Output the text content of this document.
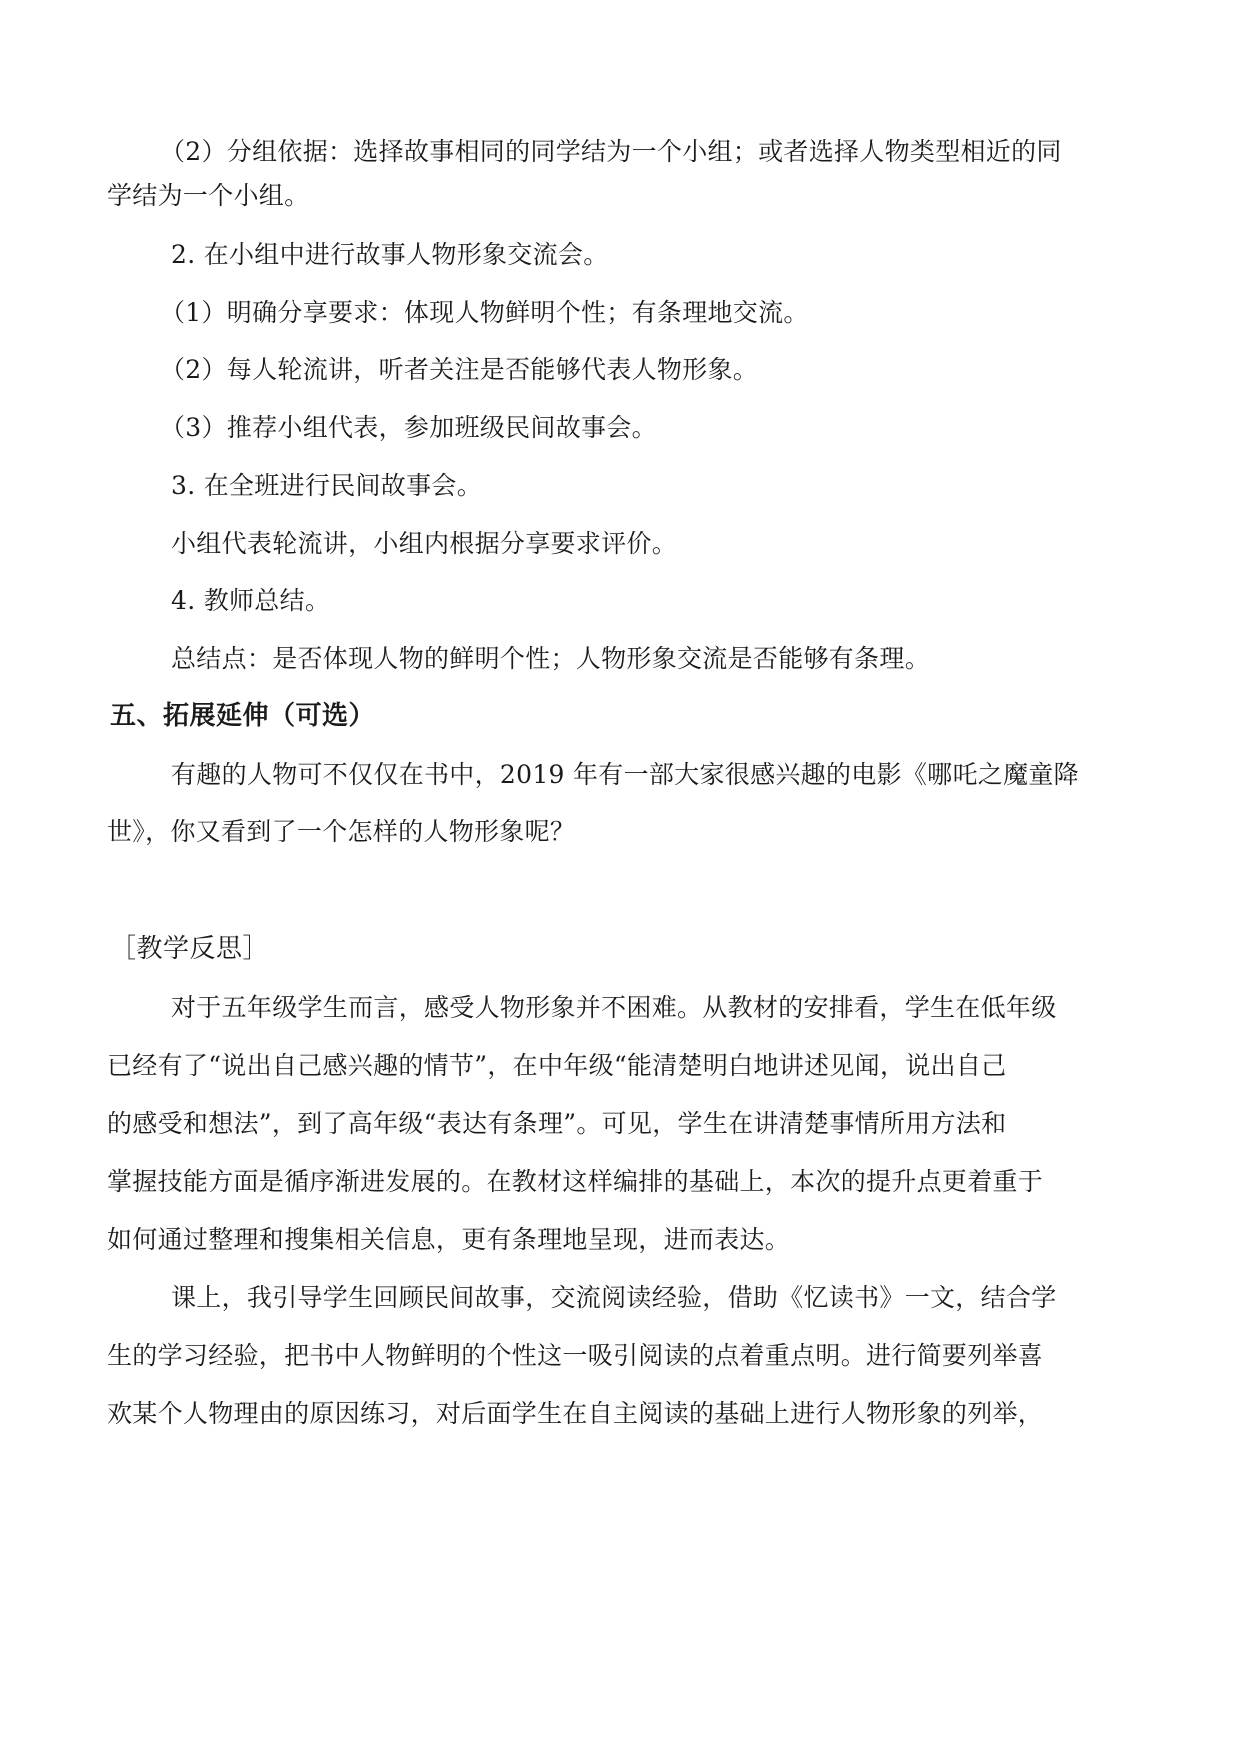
（2）分组依据：选择故事相同的同学结为一个小组；或者选择人物类型相近的同
学结为一个小组。
2. 在小组中进行故事人物形象交流会。
（1）明确分享要求：体现人物鲜明个性；有条理地交流。
（2）每人轮流讲，听者关注是否能够代表人物形象。
（3）推荐小组代表，参加班级民间故事会。
3. 在全班进行民间故事会。
小组代表轮流讲，小组内根据分享要求评价。
4. 教师总结。
总结点：是否体现人物的鲜明个性；人物形象交流是否能够有条理。
五、拓展延伸（可选）
有趣的人物可不仅仅在书中，2019 年有一部大家很感兴趣的电影《哪吒之魔童降
世》，你又看到了一个怎样的人物形象呢？
［教学反思］
对于五年级学生而言，感受人物形象并不困难。从教材的安排看，学生在低年级
已经有了“说出自己感兴趣的情节”，在中年级“能清楚明白地讲述见闻，说出自己
的感受和想法”，到了高年级“表达有条理”。可见，学生在讲清楚事情所用方法和
掌握技能方面是循序渐进发展的。在教材这样编排的基础上，本次的提升点更着重于
如何通过整理和搜集相关信息，更有条理地呈现，进而表达。
课上，我引导学生回顾民间故事，交流阅读经验，借助《忆读书》一文，结合学
生的学习经验，把书中人物鲜明的个性这一吸引阅读的点着重点明。进行简要列举喜
欢某个人物理由的原因练习，对后面学生在自主阅读的基础上进行人物形象的列举，
